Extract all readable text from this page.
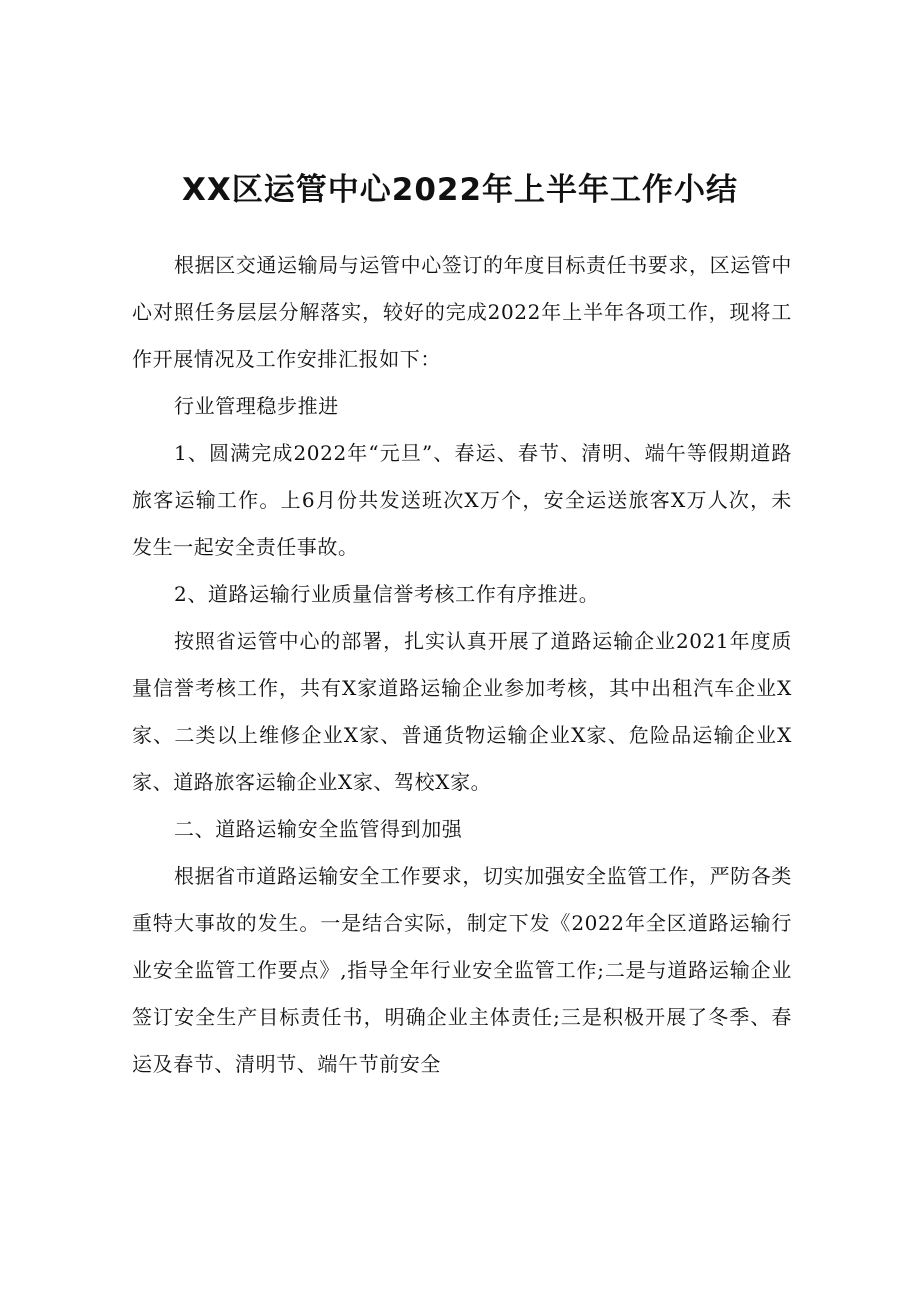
XX区运管中心2022年上半年工作小结

根据区交通运输局与运管中心签订的年度目标责任书要求，区运管中心对照任务层层分解落实，较好的完成2022年上半年各项工作，现将工作开展情况及工作安排汇报如下：

行业管理稳步推进

1、圆满完成2022年“元旦”、春运、春节、清明、端午等假期道路旅客运输工作。上6月份共发送班次X万个，安全运送旅客X万人次，未发生一起安全责任事故。

2、道路运输行业质量信誉考核工作有序推进。

按照省运管中心的部署，扎实认真开展了道路运输企业2021年度质量信誉考核工作，共有X家道路运输企业参加考核，其中出租汽车企业X家、二类以上维修企业X家、普通货物运输企业X家、危险品运输企业X家、道路旅客运输企业X家、驾校X家。

二、道路运输安全监管得到加强

根据省市道路运输安全工作要求，切实加强安全监管工作，严防各类重特大事故的发生。一是结合实际，制定下发《2022年全区道路运输行业安全监管工作要点》,指导全年行业安全监管工作;二是与道路运输企业签订安全生产目标责任书，明确企业主体责任;三是积极开展了冬季、春运及春节、清明节、端午节前安全
